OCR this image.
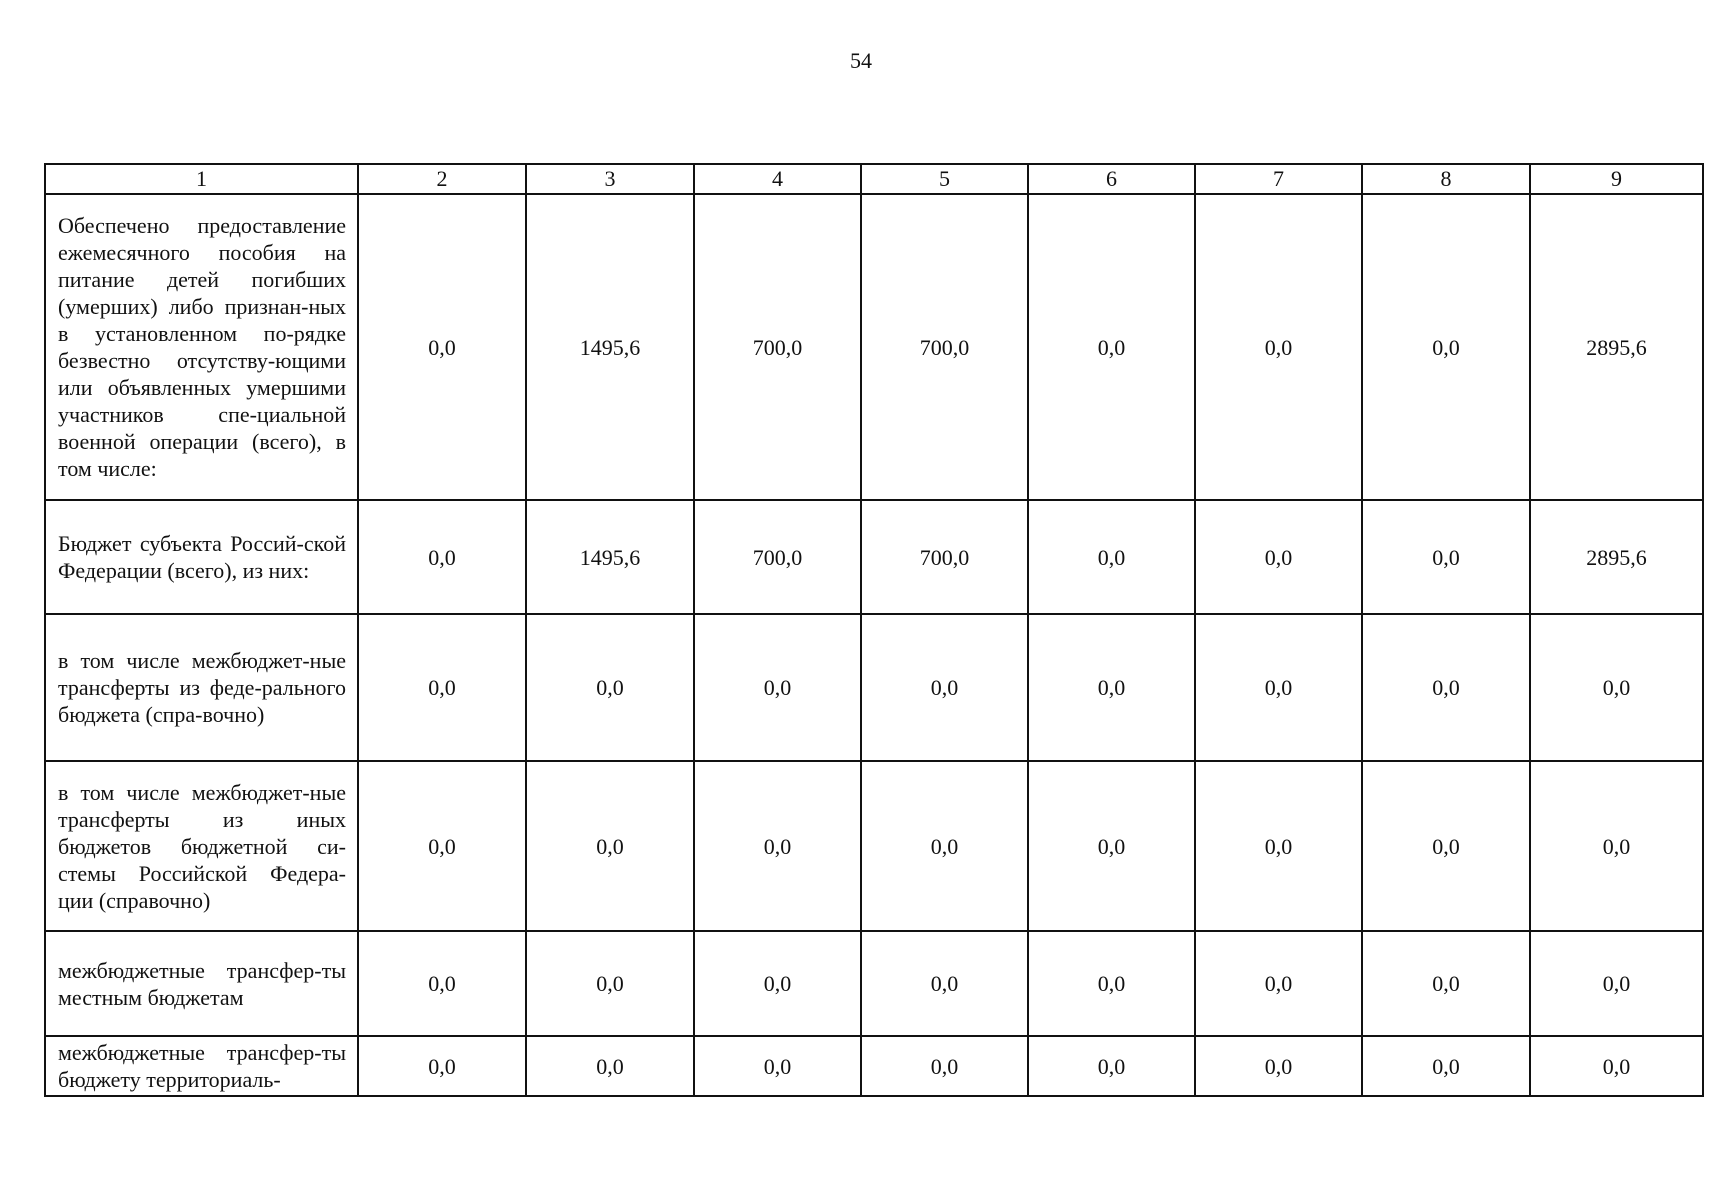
54
1	2	3	4	5	6	7	8	9
Обеспечено предоставление ежемесячного пособия на питание детей погибших (умерших) либо признан-ных в установленном по-рядке безвестно отсутству-ющими или объявленных умершими участников спе-циальной военной операции (всего), в том числе:	0,0	1495,6	700,0	700,0	0,0	0,0	0,0	2895,6
Бюджет субъекта Россий-ской Федерации (всего), из них:	0,0	1495,6	700,0	700,0	0,0	0,0	0,0	2895,6
в том числе межбюджет-ные трансферты из феде-рального бюджета (спра-вочно)	0,0	0,0	0,0	0,0	0,0	0,0	0,0	0,0
в том числе межбюджет-ные трансферты из иных бюджетов бюджетной си-стемы Российской Федера-ции (справочно)	0,0	0,0	0,0	0,0	0,0	0,0	0,0	0,0
межбюджетные трансфер-ты местным бюджетам	0,0	0,0	0,0	0,0	0,0	0,0	0,0	0,0
межбюджетные трансфер-ты бюджету территориаль-	0,0	0,0	0,0	0,0	0,0	0,0	0,0	0,0
